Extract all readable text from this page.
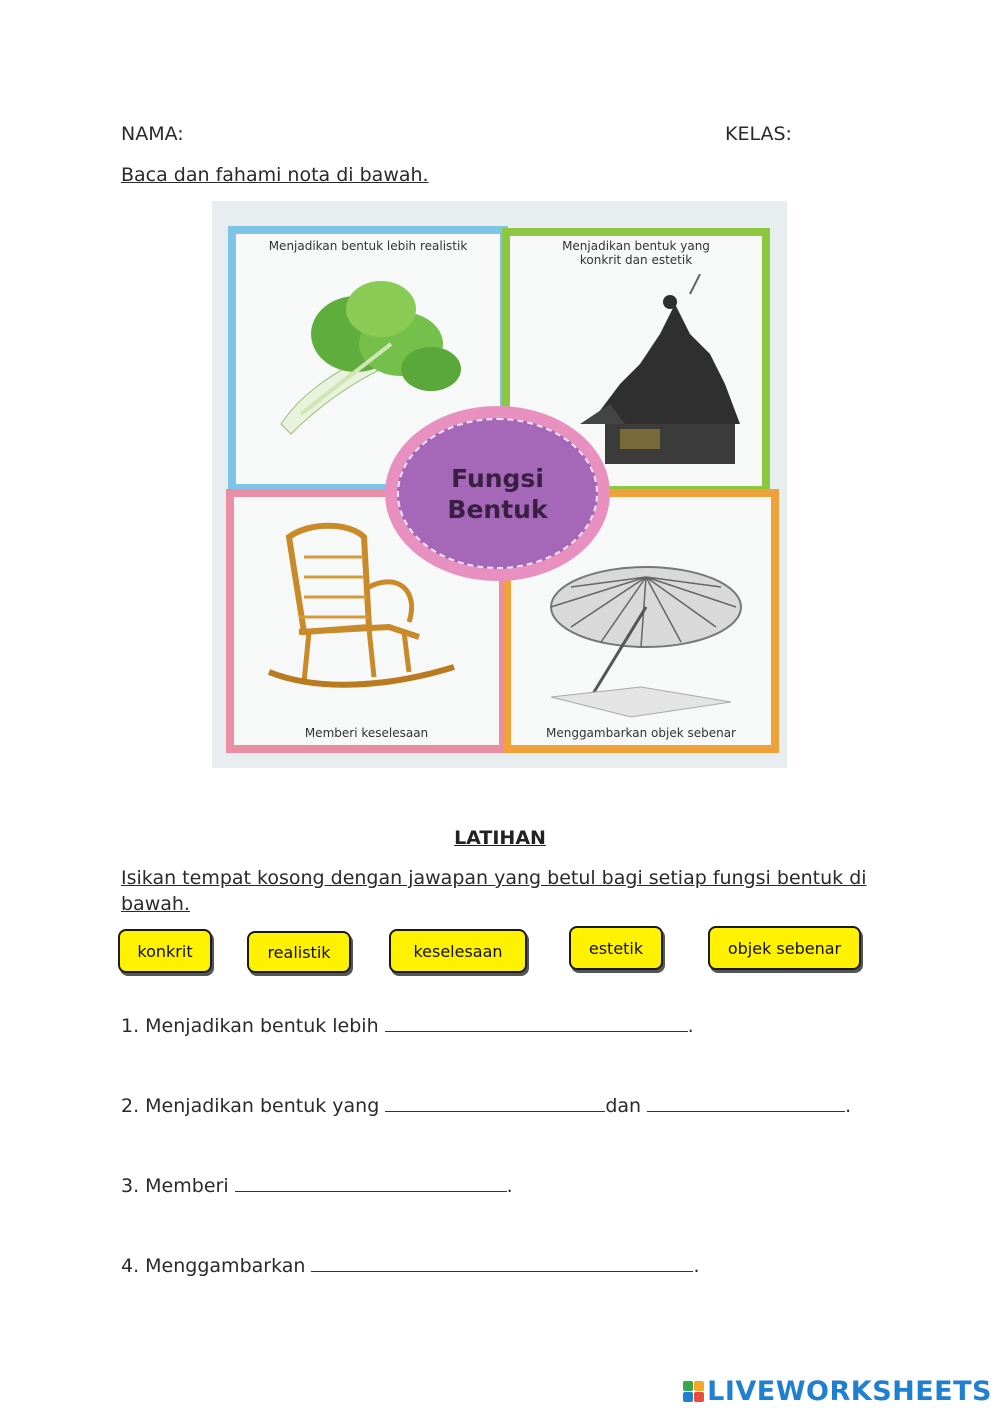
NAMA:	KELAS:
Baca dan fahami nota di bawah.
Menjadikan bentuk lebih realistik	Menjadikan bentuk yang
konkrit dan estetik
Memberi keselesaan	Menggambarkan objek sebenar
Fungsi
Bentuk
LATIHAN
Isikan tempat kosong dengan jawapan yang betul bagi setiap fungsi bentuk di bawah.
konkrit	realistik	keselesaan	estetik	objek sebenar
1. Menjadikan bentuk lebih	.
2. Menjadikan bentuk yang	dan	.
3. Memberi	.
4. Menggambarkan	.
LIVEWORKSHEETS
